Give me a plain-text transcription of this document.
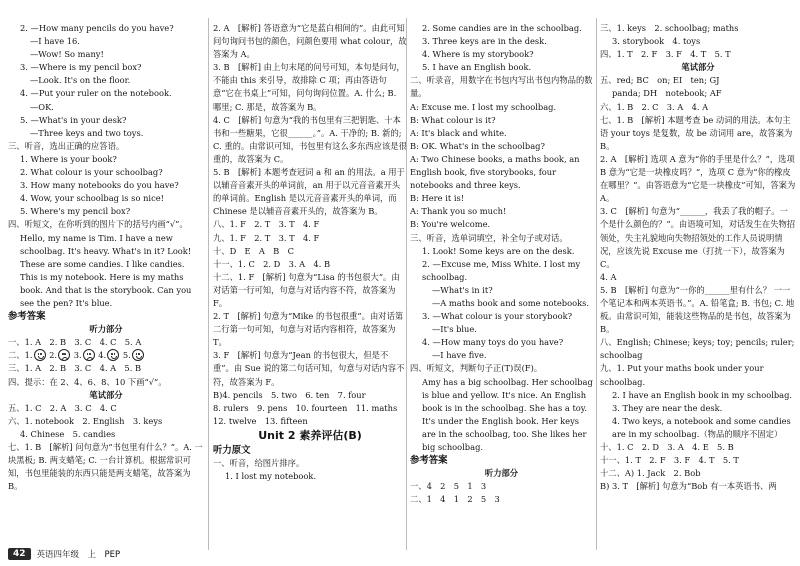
2. —How many pencils do you have?
—I have 16.
—Wow! So many!
3. —Where is my pencil box?
—Look. It's on the floor.
4. —Put your ruler on the notebook.
—OK.
5. —What's in your desk?
—Three keys and two toys.
三、听音，选出正确的应答语。
1. Where is your book?
2. What colour is your schoolbag?
3. How many notebooks do you have?
4. Wow, your schoolbag is so nice!
5. Where's my pencil box?
四、听短文，在你听到的图片下的括号内画“√”。
Hello, my name is Tim. I have a new schoolbag. It's heavy. What's in it? Look! These are some candies. I like candies. This is my notebook. Here is my maths book. And that is the storybook. Can you see the pen? It's blue.
参考答案
听力部分
一、1. A　2. B　3. C　4. C　5. A
二、1. 2. 3. 4. 5.
三、1. A　2. B　3. C　4. A　5. B
四、提示：在 2、4、6、8、10 下画“√”。
笔试部分
五、1. C　2. A　3. C　4. C
六、1. notebook　2. English　3. keys
4. Chinese　5. candies
七、1. B　[解析] 问句意为“书包里有什么？”。A. 一块黑板; B. 两支蜡笔; C. 一台计算机。根据常识可知，书包里能装的东西只能是两支蜡笔，故答案为 B。
2. A　[解析] 答语意为“它是蓝白相间的”。由此可知问句询问书包的颜色，问颜色要用 what colour，故答案为 A。
3. B　[解析] 由上句末尾的问号可知，本句是问句，不能由 this 来引导，故排除 C 项；再由答语句意“它在书桌上”可知，问句询问位置。A. 什么; B. 哪里; C. 那是，故答案为 B。
4. C　[解析] 句意为“我的书包里有三把钥匙、十本书和一些糖果，它很______。”。A. 干净的; B. 新的; C. 重的。由常识可知，书包里有这么多东西应该是很重的，故答案为 C。
5. B　[解析] 本题考查冠词 a 和 an 的用法。a 用于以辅音音素开头的单词前，an 用于以元音音素开头的单词前。English 是以元音音素开头的单词，而 Chinese 是以辅音音素开头的，故答案为 B。
八、1. F　2. T　3. T　4. F
九、1. F　2. T　3. T　4. F
十、D　E　A　B　C
十一、1. C　2. D　3. A　4. B
十二、1. F　[解析] 句意为“Lisa 的书包很大”。由对话第一行可知，句意与对话内容不符，故答案为 F。
2. T　[解析] 句意为“Mike 的书包很重”。由对话第二行第一句可知，句意与对话内容相符，故答案为 T。
3. F　[解析] 句意为“Jean 的书包很大，但是不重”。由 Sue 说的第二句话可知，句意与对话内容不符，故答案为 F。
B)4. pencils　5. two　6. ten　7. four
8. rulers　9. pens　10. fourteen　11. maths
12. twelve　13. fifteen
Unit 2 素养评估(B)
听力原文
一、听音，给图片排序。
1. I lost my notebook.
2. Some candies are in the schoolbag.
3. Three keys are in the desk.
4. Where is my storybook?
5. I have an English book.
二、听录音，用数字在书包内写出书包内物品的数量。
A: Excuse me. I lost my schoolbag.
B: What colour is it?
A: It's black and white.
B: OK. What's in the schoolbag?
A: Two Chinese books, a maths book, an English book, five storybooks, four notebooks and three keys.
B: Here it is!
A: Thank you so much!
B: You're welcome.
三、听音，选单词填空，补全句子或对话。
1. Look! Some keys are on the desk.
2. —Excuse me, Miss White. I lost my schoolbag.
—What's in it?
—A maths book and some notebooks.
3. —What colour is your storybook?
—It's blue.
4. —How many toys do you have?
—I have five.
四、听短文，判断句子正(T)误(F)。
Amy has a big schoolbag. Her schoolbag is blue and yellow. It's nice. An English book is in the schoolbag. She has a toy. It's under the English book. Her keys are in the schoolbag, too. She likes her big schoolbag.
参考答案
听力部分
一、4　2　5　1　3
二、1　4　1　2　5　3
三、1. keys　2. schoolbag; maths
3. storybook　4. toys
四、1. T　2. F　3. F　4. T　5. T
笔试部分
五、red; BC　on; EI　ten; GJ
panda; DH　notebook; AF
六、1. B　2. C　3. A　4. A
七、1. B　[解析] 本题考查 be 动词的用法。本句主语 your toys 是复数，故 be 动词用 are，故答案为 B。
2. A　[解析] 选项 A 意为“你的手里是什么？”，选项 B 意为“它是一块橡皮吗？”，选项 C 意为“你的橡皮在哪里？”。由答语意为“它是一块橡皮”可知，答案为 A。
3. C　[解析] 句意为“______，我丢了我的帽子。一个是什么颜色的？”。由语境可知，对话发生在失物招领处，失主礼貌地向失物招领处的工作人员说明情况，应该先说 Excuse me（打扰一下），故答案为 C。
4. A
5. B　[解析] 句意为“一你的______里有什么？ 一一个笔记本和两本英语书。”。A. 铅笔盒; B. 书包; C. 地板。由常识可知，能装这些物品的是书包，故答案为 B。
八、English; Chinese; keys; toy; pencils; ruler; schoolbag
九、1. Put your maths book under your schoolbag.
2. I have an English book in my schoolbag.
3. They are near the desk.
4. Two keys, a notebook and some candies are in my schoolbag.（物品的顺序不固定）
十、1. C　2. D　3. A　4. E　5. B
十一、1. T　2. F　3. F　4. T　5. T
十二、A) 1. Jack　2. Bob
B) 3. T　[解析] 句意为“Bob 有一本英语书、两
42	英语四年级　上　PEP
